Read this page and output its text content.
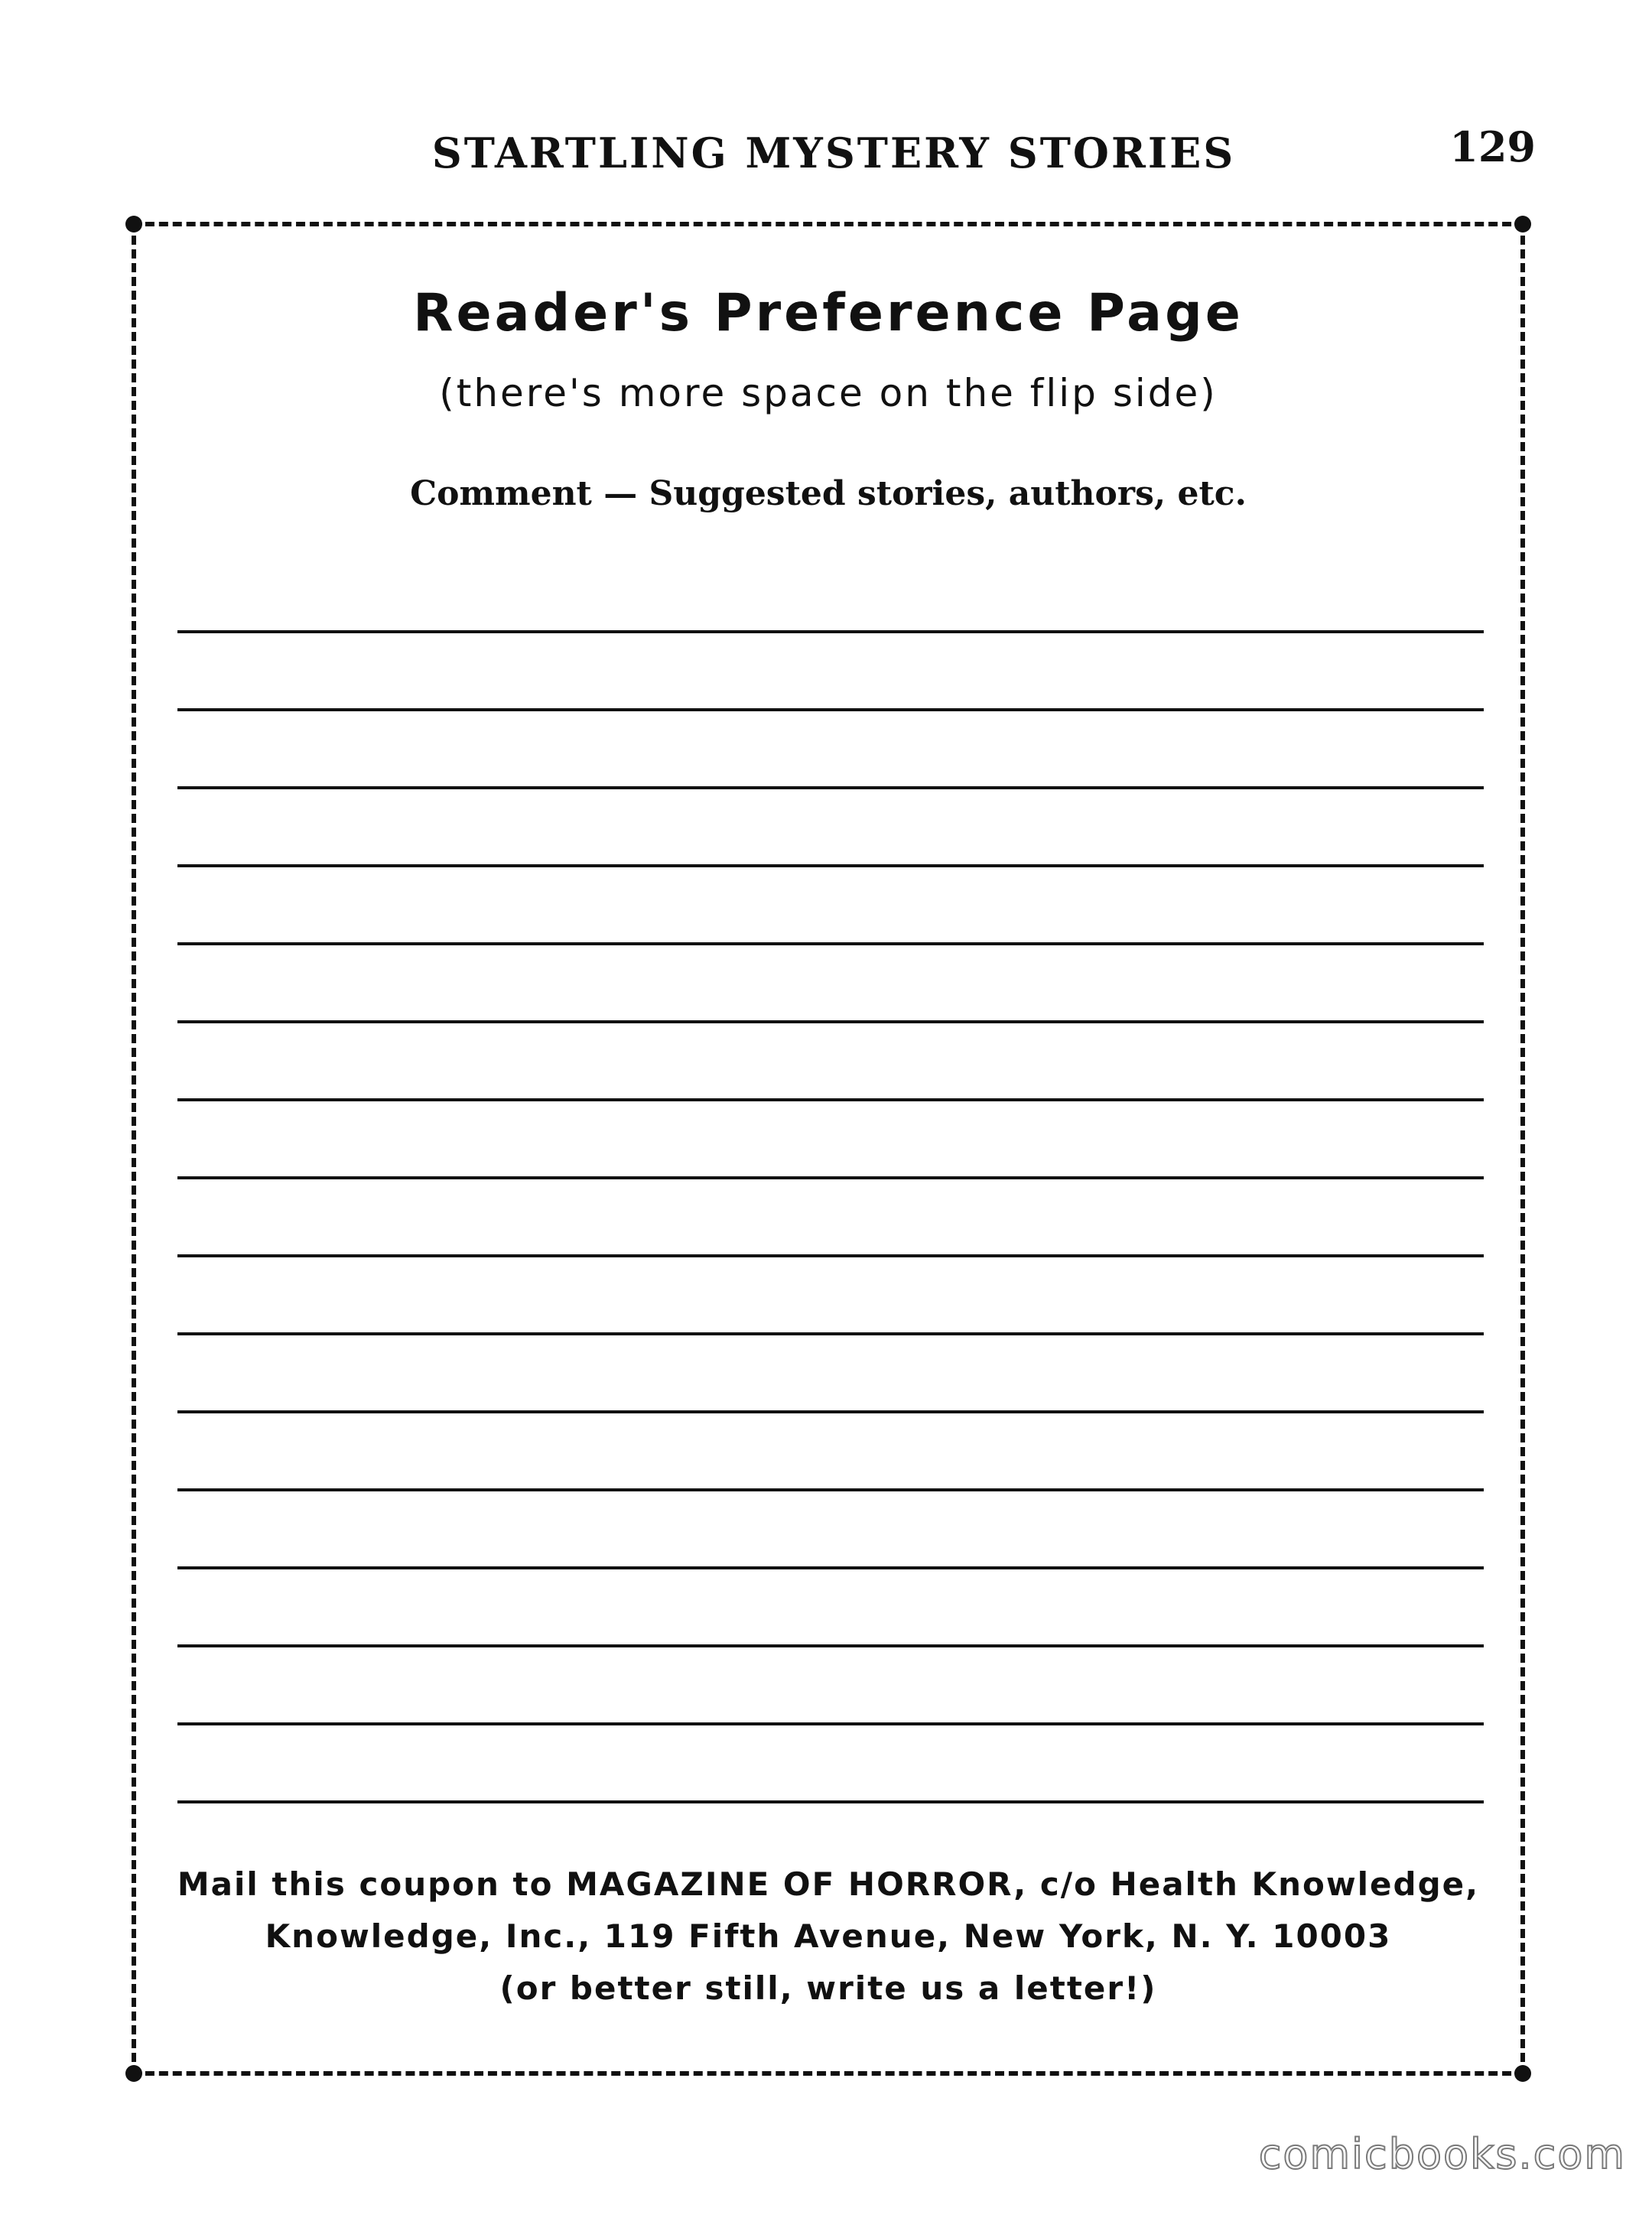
STARTLING MYSTERY STORIES	129
Reader's Preference Page
(there's more space on the flip side)
Comment — Suggested stories, authors, etc.
Mail this coupon to MAGAZINE OF HORROR, c/o Health Knowledge,
Knowledge, Inc., 119 Fifth Avenue, New York, N. Y. 10003
(or better still, write us a letter!)
comicbooks.com
